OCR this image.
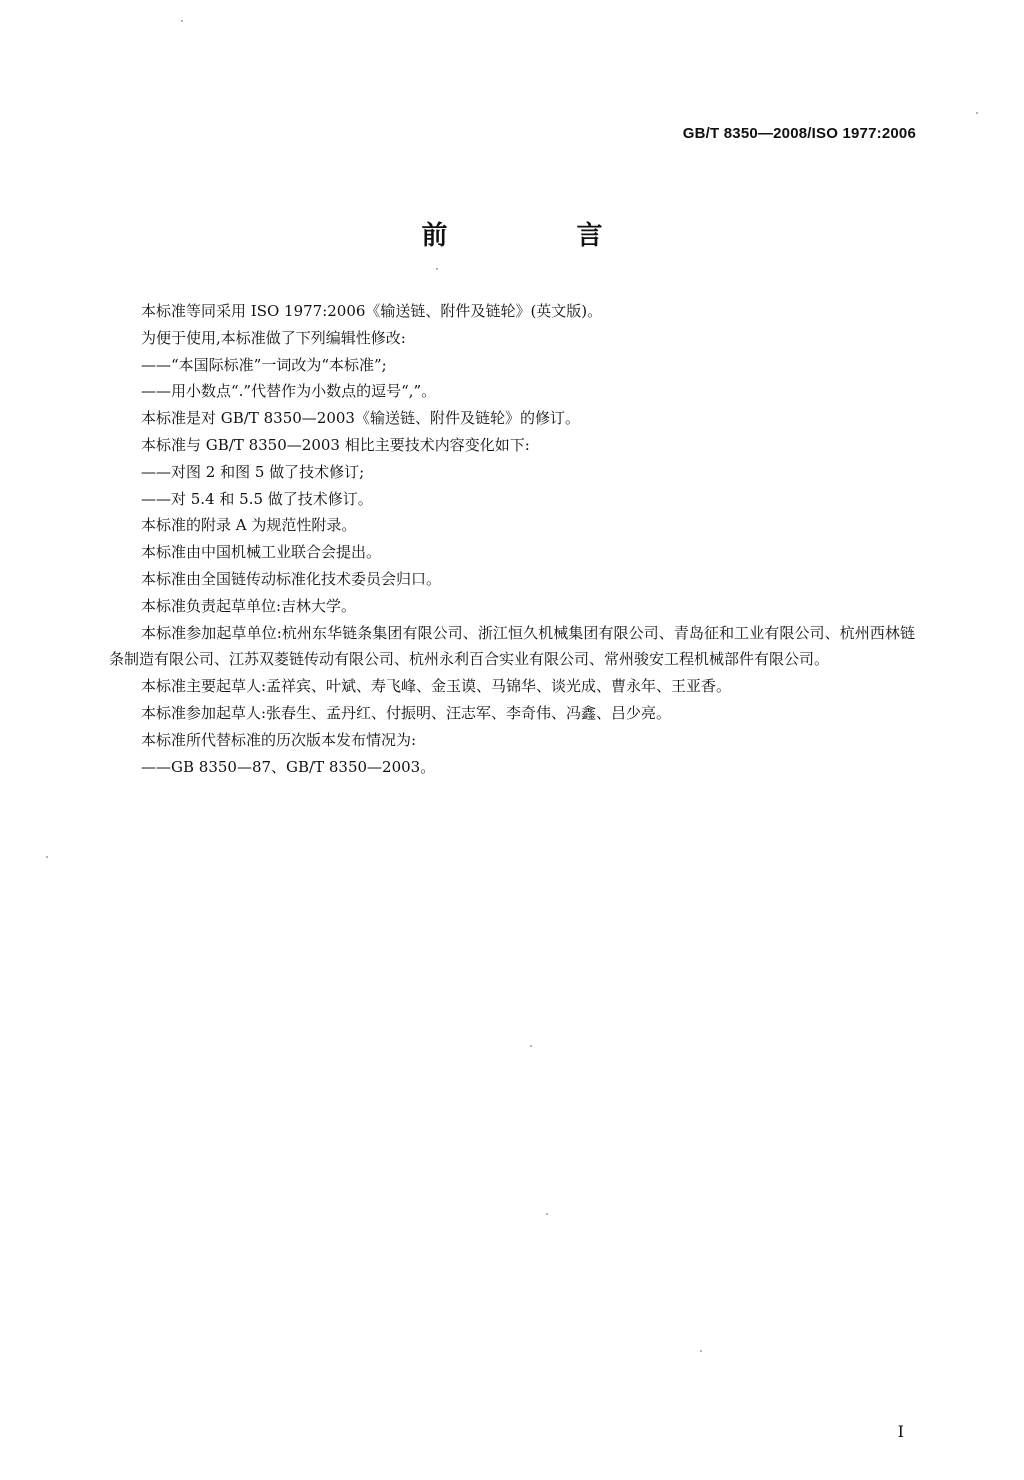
GB/T 8350—2008/ISO 1977:2006
前 言

本标准等同采用 ISO 1977:2006《输送链、附件及链轮》(英文版)。

为便于使用,本标准做了下列编辑性修改:

——“本国际标准”一词改为“本标准”;

——用小数点“.”代替作为小数点的逗号“,”。

本标准是对 GB/T 8350—2003《输送链、附件及链轮》的修订。

本标准与 GB/T 8350—2003 相比主要技术内容变化如下:

——对图 2 和图 5 做了技术修订;

——对 5.4 和 5.5 做了技术修订。

本标准的附录 A 为规范性附录。

本标准由中国机械工业联合会提出。

本标准由全国链传动标准化技术委员会归口。

本标准负责起草单位:吉林大学。

本标准参加起草单位:杭州东华链条集团有限公司、浙江恒久机械集团有限公司、青岛征和工业有限公司、杭州西林链条制造有限公司、江苏双菱链传动有限公司、杭州永利百合实业有限公司、常州骏安工程机械部件有限公司。

本标准主要起草人:孟祥宾、叶斌、寿飞峰、金玉谟、马锦华、谈光成、曹永年、王亚香。

本标准参加起草人:张春生、孟丹红、付振明、汪志军、李奇伟、冯鑫、吕少亮。

本标准所代替标准的历次版本发布情况为:

——GB 8350—87、GB/T 8350—2003。

I
